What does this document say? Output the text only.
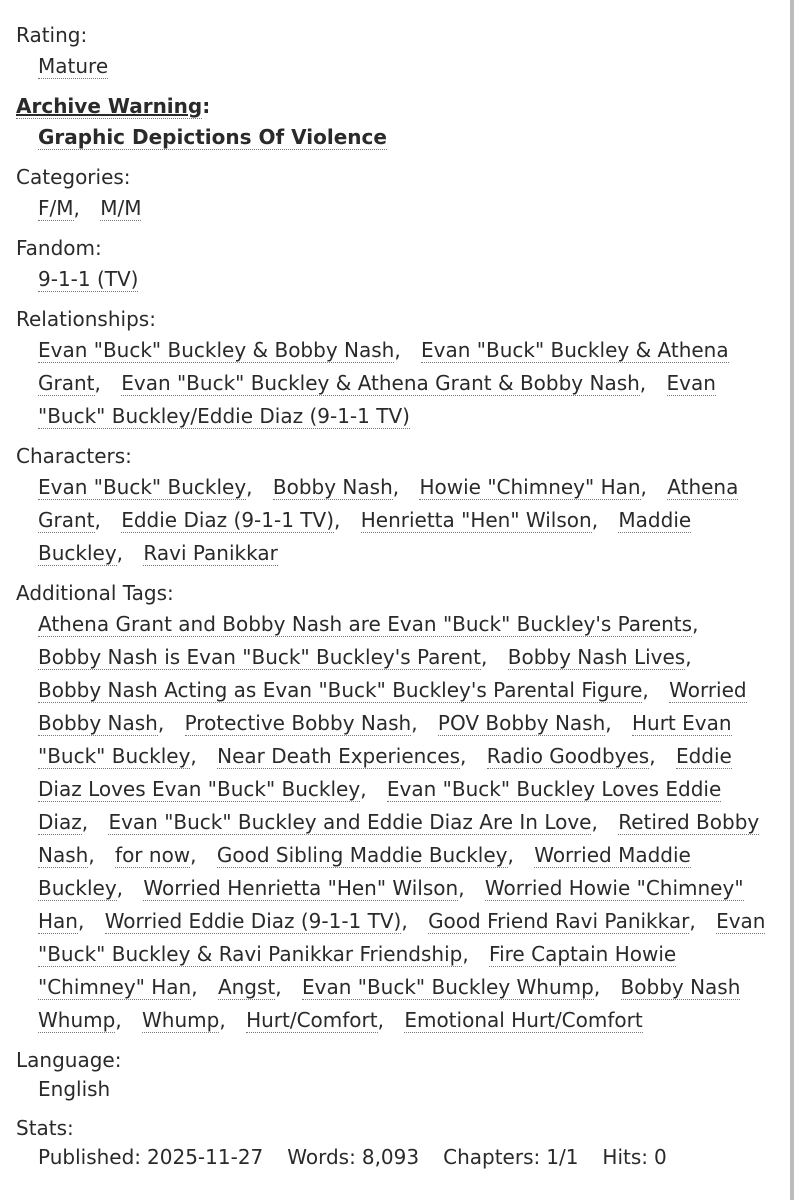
Rating:
Mature
Archive Warning:
Graphic Depictions Of Violence
Categories:
F/M, M/M
Fandom:
9-1-1 (TV)
Relationships:
Evan "Buck" Buckley & Bobby Nash, Evan "Buck" Buckley & Athena Grant, Evan "Buck" Buckley & Athena Grant & Bobby Nash, Evan "Buck" Buckley/Eddie Diaz (9-1-1 TV)
Characters:
Evan "Buck" Buckley, Bobby Nash, Howie "Chimney" Han, Athena Grant, Eddie Diaz (9-1-1 TV), Henrietta "Hen" Wilson, Maddie Buckley, Ravi Panikkar
Additional Tags:
Athena Grant and Bobby Nash are Evan "Buck" Buckley's Parents, Bobby Nash is Evan "Buck" Buckley's Parent, Bobby Nash Lives, Bobby Nash Acting as Evan "Buck" Buckley's Parental Figure, Worried Bobby Nash, Protective Bobby Nash, POV Bobby Nash, Hurt Evan "Buck" Buckley, Near Death Experiences, Radio Goodbyes, Eddie Diaz Loves Evan "Buck" Buckley, Evan "Buck" Buckley Loves Eddie Diaz, Evan "Buck" Buckley and Eddie Diaz Are In Love, Retired Bobby Nash, for now, Good Sibling Maddie Buckley, Worried Maddie Buckley, Worried Henrietta "Hen" Wilson, Worried Howie "Chimney" Han, Worried Eddie Diaz (9-1-1 TV), Good Friend Ravi Panikkar, Evan "Buck" Buckley & Ravi Panikkar Friendship, Fire Captain Howie "Chimney" Han, Angst, Evan "Buck" Buckley Whump, Bobby Nash Whump, Whump, Hurt/Comfort, Emotional Hurt/Comfort
Language:
English
Stats:
Published: 2025-11-27 Words: 8,093 Chapters: 1/1 Hits: 0
